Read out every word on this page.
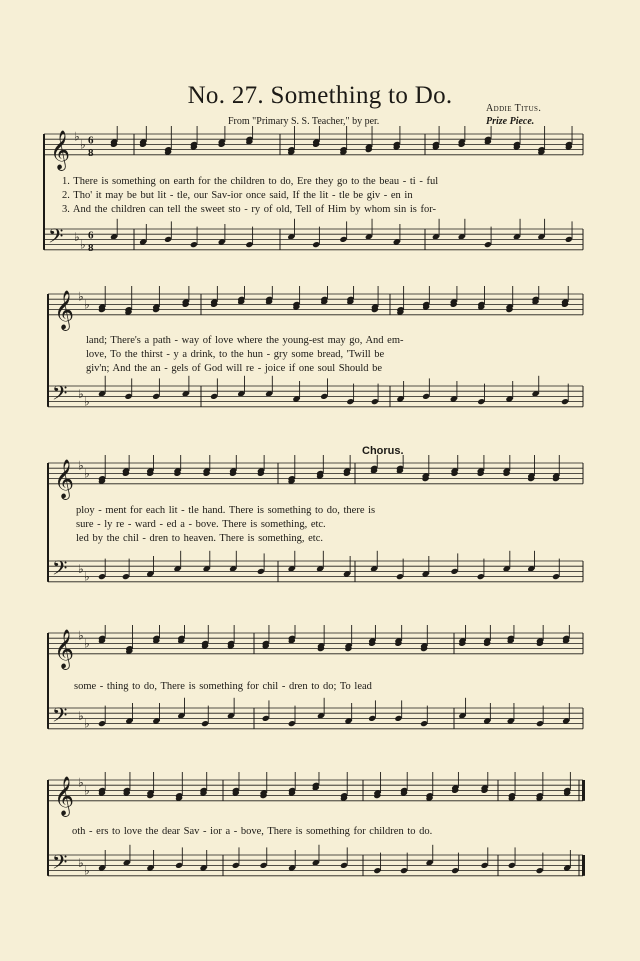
No. 27. Something to Do.	Addie Titus.
From "Primary S. S. Teacher," by per.	Prize Piece.
Chorus.
𝄞
𝄢
♭
♭
♭
♭
6
8
6
8
𝄞
𝄢
♭
♭
♭
♭
𝄞
𝄢
♭
♭
♭
♭
𝄞
𝄢
♭
♭
♭
♭
𝄞
𝄢
♭
♭
♭
♭
1. There is something on earth for the children to do, Ere they go to the beau - ti - ful
2. Tho' it may be but lit - tle, our Sav-ior once said, If the lit - tle be giv - en in
3. And the children can tell the sweet sto - ry of old, Tell of Him by whom sin is for-
land; There's a path - way of love where the young-est may go, And em-
love, To the thirst - y a drink, to the hun - gry some bread, 'Twill be
giv'n; And the an - gels of God will re - joice if one soul Should be
ploy - ment for each lit - tle hand. There is something to do, there is
sure - ly re - ward - ed a - bove. There is something, etc.
led by the chil - dren to heaven. There is something, etc.
some - thing to do, There is something for chil - dren to do; To lead
oth - ers to love the dear Sav - ior a - bove, There is something for children to do.
